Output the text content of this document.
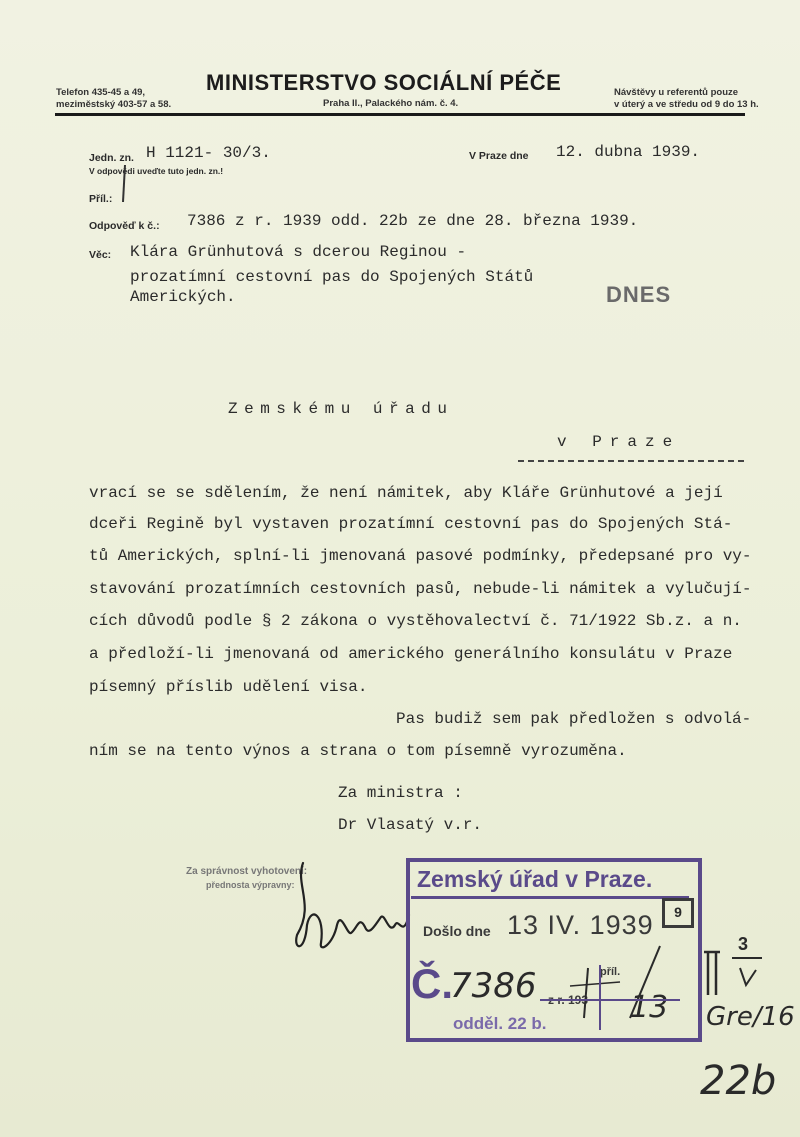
Telefon 435-45 a 49,
meziměstský 403-57 a 58.
MINISTERSTVO SOCIÁLNÍ PÉČE
Praha II., Palackého nám. č. 4.
Návštěvy u referentů pouze
v úterý a ve středu od 9 do 13 h.
Jedn. zn. H 1121- 30/3.
V odpovědi uveďte tuto jedn. zn.!
V Praze dne 12. dubna 1939.
Příl.:
Odpověď k č.: 7386 z r. 1939 odd. 22b ze dne 28. března 1939.
Věc: Klára Grünhutová s dcerou Reginou -
prozatímní cestovní pas do Spojených Států
Amerických.	DNES
Zemskému úřadu
v Praze
vrací se se sdělením, že není námitek, aby Kláře Grünhutové a její
dceři Regině byl vystaven prozatímní cestovní pas do Spojených Stá-
tů Amerických, splní-li jmenovaná pasové podmínky, předepsané pro vy-
stavování prozatímních cestovních pasů, nebude-li námitek a vylučují-
cích důvodů podle § 2 zákona o vystěhovalectví č. 71/1922 Sb.z. a n.
a předloží-li jmenovaná od amerického generálního konsulátu v Praze
písemný příslib udělení visa.
Pas budiž sem pak předložen s odvolá-
ním se na tento výnos a strana o tom písemně vyrozuměna.
Za ministra :
Dr Vlasatý v.r.
Za správnost vyhotovení:
přednosta výpravny:	Zemský úřad v Praze.
Došlo dne 13 IV. 1939	9
Č.
7386 z r. 193
odděl. 22 b.
příl.
13
3
Gre/16
22b
